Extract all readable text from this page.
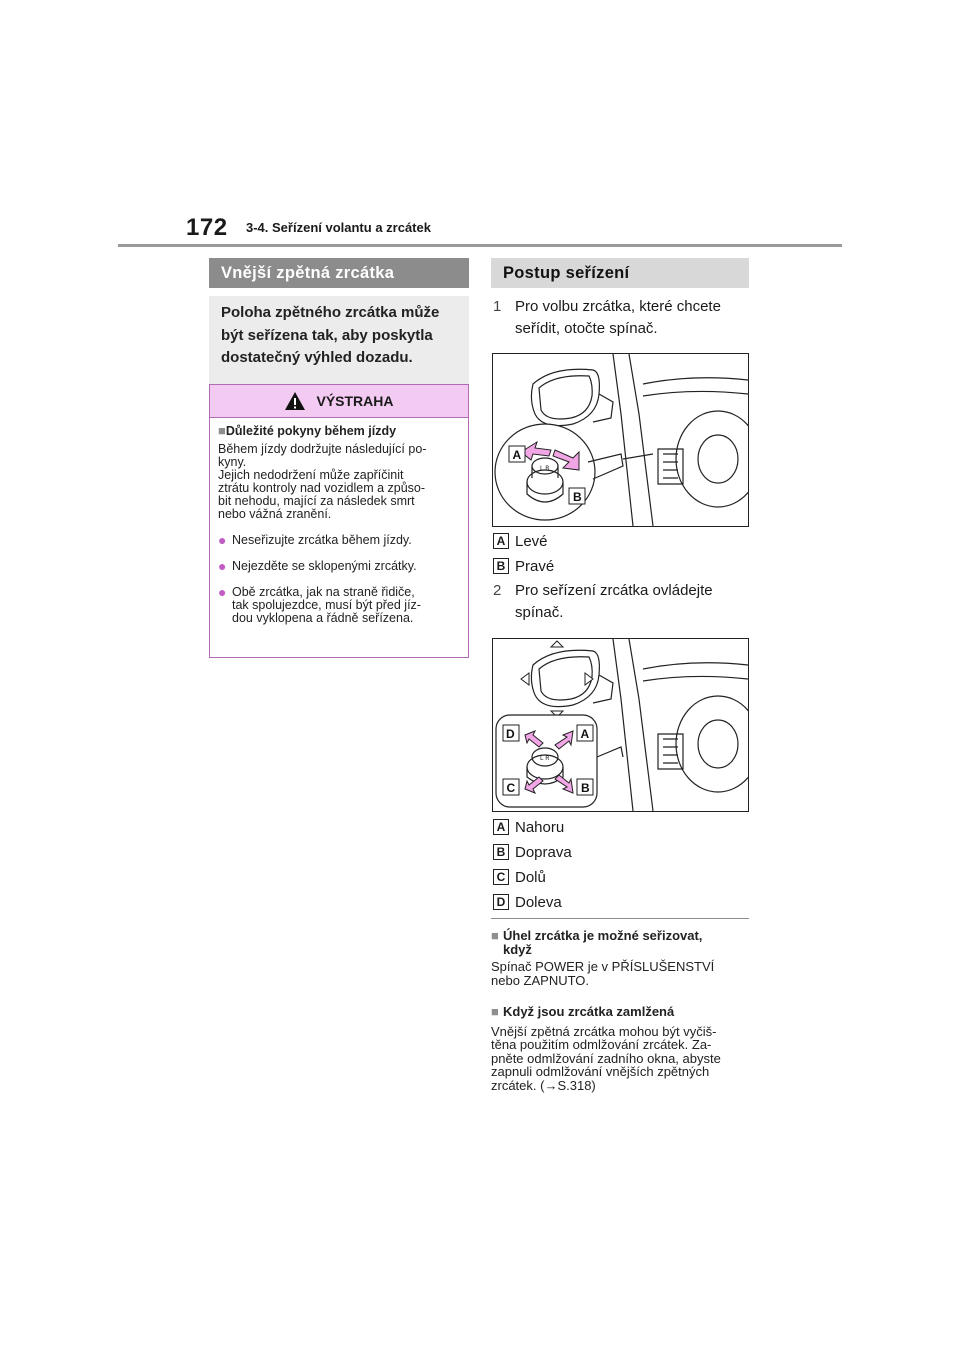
172 3-4. Seřízení volantu a zrcátek
Vnější zpětná zrcátka
Poloha zpětného zrcátka může být seřízena tak, aby poskytla dostatečný výhled dozadu.
VÝSTRAHA
■Důležité pokyny během jízdy
Během jízdy dodržujte následující po-
kyny.
Jejich nedodržení může zapříčinit
ztrátu kontroly nad vozidlem a způso-
bit nehodu, mající za následek smrt
nebo vážná zranění.
● Neseřizujte zrcátka během jízdy.
● Nejezděte se sklopenými zrcátky.
● Obě zrcátka, jak na straně řidiče,
tak spolujezdce, musí být před jíz-
dou vyklopena a řádně seřízena.
Postup seřízení
1 Pro volbu zrcátka, které chcete
seřídit, otočte spínač.
L R
A
B
A Levé
B Pravé
2 Pro seřízení zrcátka ovládejte
spínač.
L R
D	A
C	B
A Nahoru
B Doprava
C Dolů
D Doleva
■ Úhel zrcátka je možné seřizovat,
když
Spínač POWER je v PŘÍSLUŠENSTVÍ
nebo ZAPNUTO.
■ Když jsou zrcátka zamlžená
Vnější zpětná zrcátka mohou být vyčiš-
těna použitím odmlžování zrcátek. Za-
pněte odmlžování zadního okna, abyste
zapnuli odmlžování vnějších zpětných
zrcátek. (→S.318)
